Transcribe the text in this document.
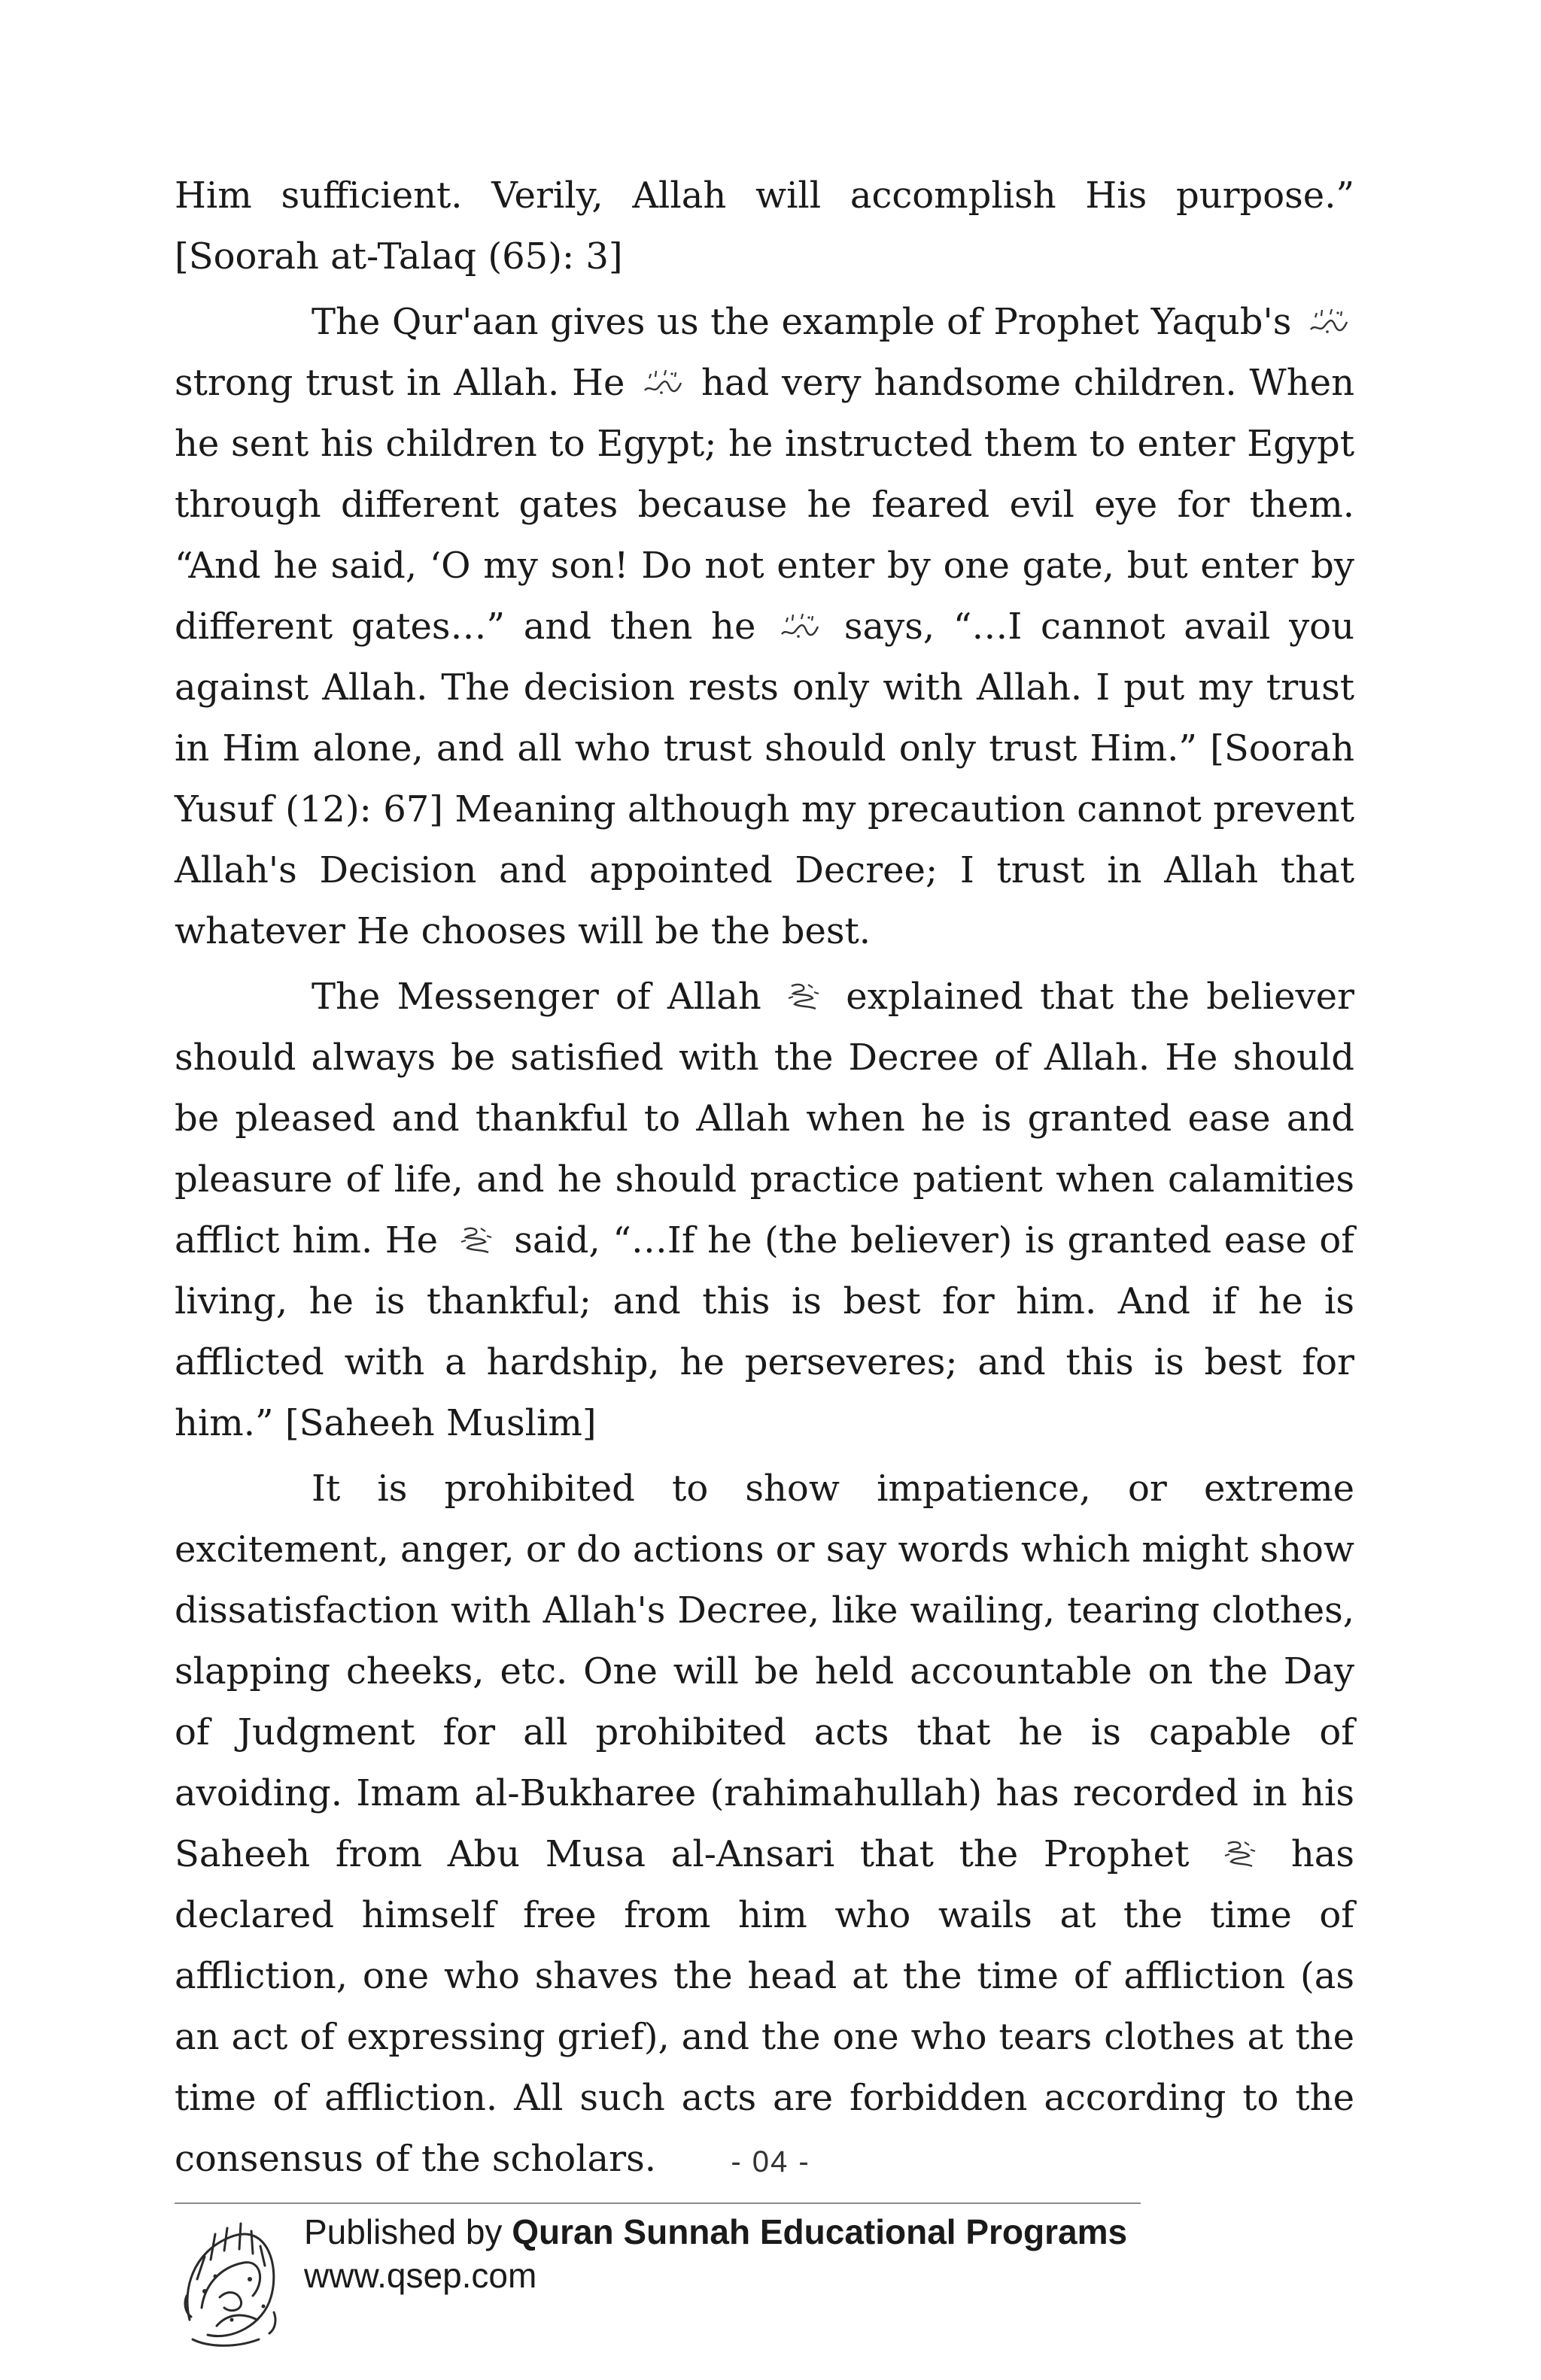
Him sufficient. Verily, Allah will accomplish His purpose.” [Soorah at-Talaq (65): 3]

The Qur'aan gives us the example of Prophet Yaqub's
strong trust in Allah. He had very handsome children. When he sent his children to Egypt; he instructed them to enter Egypt through different gates because he feared evil eye for them. “And he said, ‘O my son! Do not enter by one gate, but enter by different gates…” and then he says, “…I cannot avail you against Allah. The decision rests only with Allah. I put my trust in Him alone, and all who trust should only trust Him.” [Soorah Yusuf (12): 67] Meaning although my precaution cannot prevent Allah's Decision and appointed Decree; I trust in Allah that whatever He chooses will be the best.

The Messenger of Allah explained that the believer should always be satisfied with the Decree of Allah. He should be pleased and thankful to Allah when he is granted ease and pleasure of life, and he should practice patient when calamities afflict him. He said, “…If he (the believer) is granted ease of living, he is thankful; and this is best for him. And if he is afflicted with a hardship, he perseveres; and this is best for him.” [Saheeh Muslim]

It is prohibited to show impatience, or extreme excitement, anger, or do actions or say words which might show dissatisfaction with Allah's Decree, like wailing, tearing clothes, slapping cheeks, etc. One will be held accountable on the Day of Judgment for all prohibited acts that he is capable of avoiding. Imam al-Bukharee (rahimahullah) has recorded in his Saheeh from Abu Musa al-Ansari that the Prophet	has declared himself free from him who wails at the time of affliction, one who shaves the head at the time of affliction (as an act of expressing grief), and the one who tears clothes at the time of affliction. All such acts are forbidden according to the consensus of the scholars.	- 04 -
Published by Quran Sunnah Educational Programs
www.qsep.com
